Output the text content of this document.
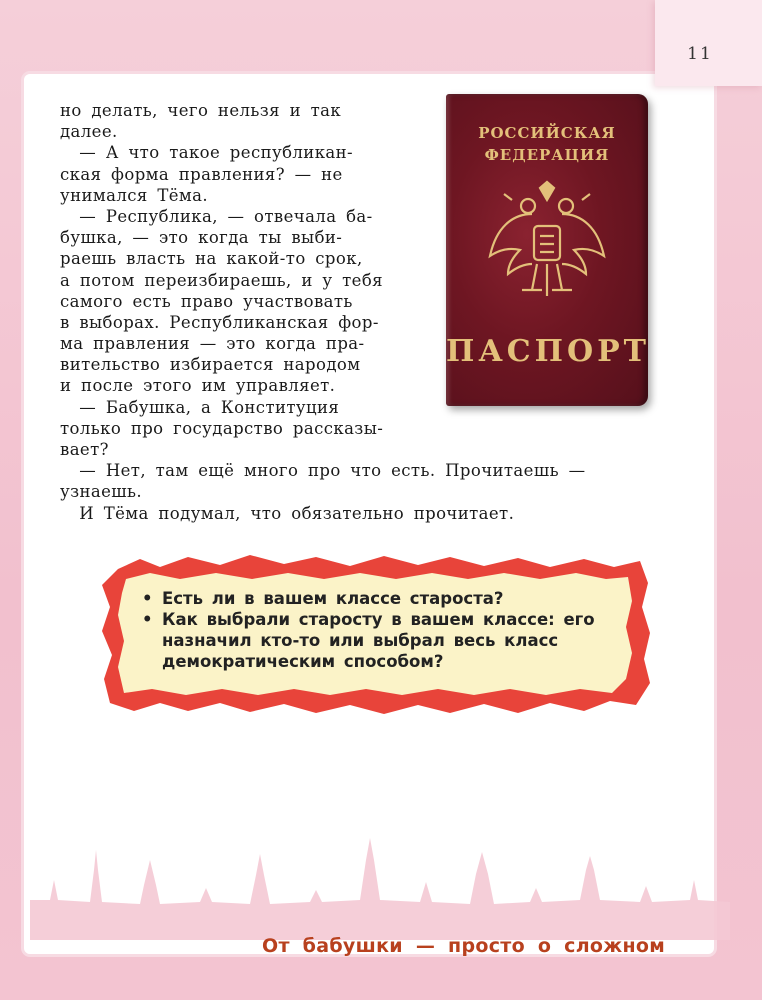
11
но делать, чего нельзя и так
далее.
— А что такое республикан-
ская форма правления? — не
унимался Тёма.
— Республика, — отвечала ба-
бушка, — это когда ты выби-
раешь власть на какой-то срок,
а потом переизбираешь, и у тебя
самого есть право участвовать
в выборах. Республиканская фор-
ма правления — это когда пра-
вительство избирается народом
и после этого им управляет.
— Бабушка, а Конституция
только про государство рассказы-
вает?
— Нет, там ещё много про что есть. Прочитаешь —
узнаешь.
И Тёма подумал, что обязательно прочитает.
РОССИЙСКАЯ
ФЕДЕРАЦИЯ
ПАСПОРТ
• Есть ли в вашем классе староста?
• Как выбрали старосту в вашем классе: его назначил кто-то или выбрал весь класс демократическим способом?
От бабушки — просто о сложном
